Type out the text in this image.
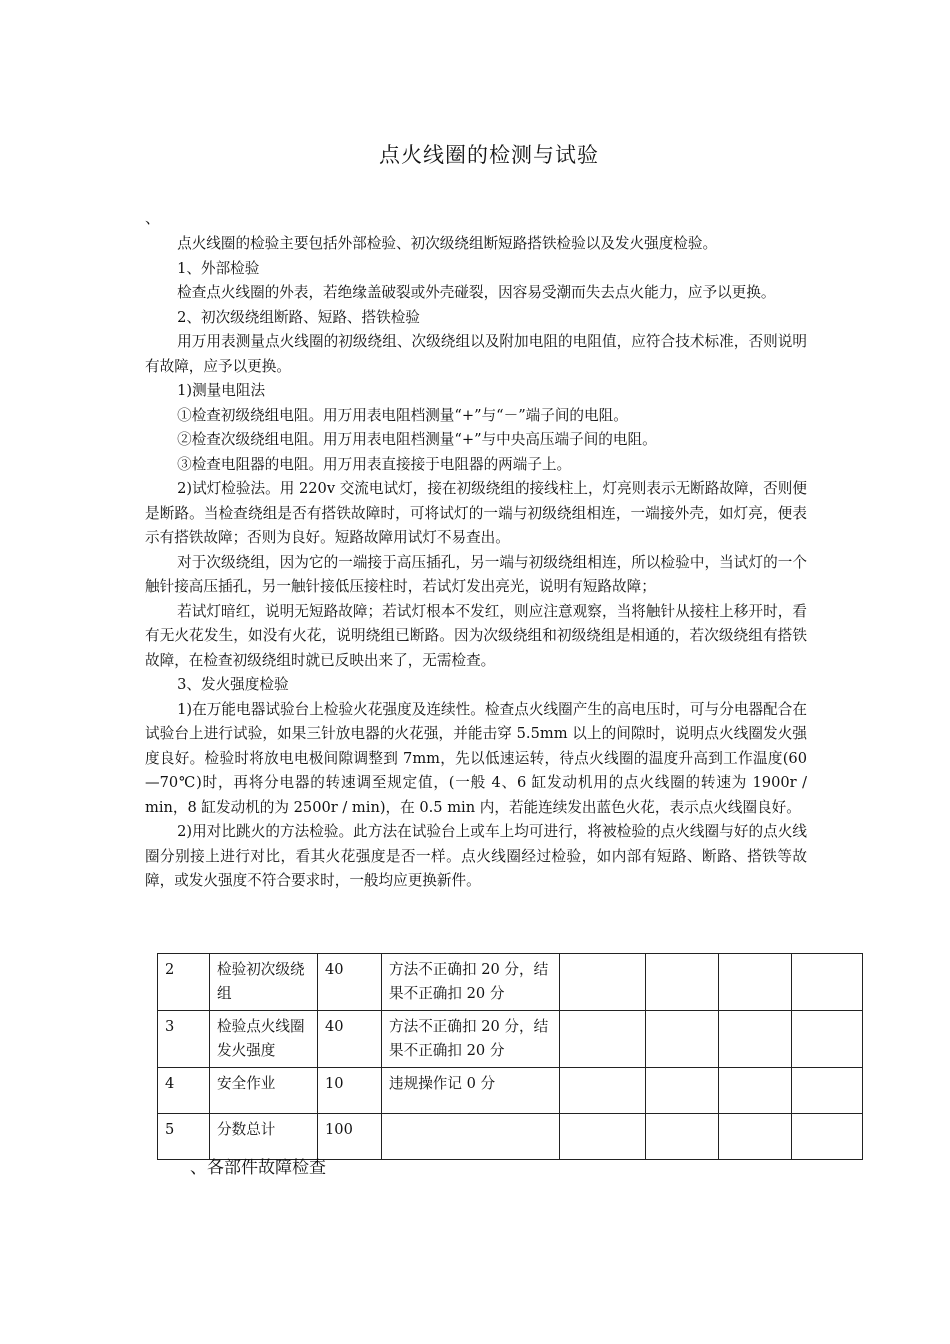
点火线圈的检测与试验
、

点火线圈的检验主要包括外部检验、初次级绕组断短路搭铁检验以及发火强度检验。

1、外部检验

检查点火线圈的外表，若绝缘盖破裂或外壳碰裂，因容易受潮而失去点火能力，应予以更换。

2、初次级绕组断路、短路、搭铁检验

用万用表测量点火线圈的初级绕组、次级绕组以及附加电阻的电阻值，应符合技术标准，否则说明有故障，应予以更换。

1)测量电阻法

①检查初级绕组电阻。用万用表电阻档测量“+”与“－”端子间的电阻。

②检查次级绕组电阻。用万用表电阻档测量“+”与中央高压端子间的电阻。

③检查电阻器的电阻。用万用表直接接于电阻器的两端子上。

2)试灯检验法。用 220v 交流电试灯，接在初级绕组的接线柱上，灯亮则表示无断路故障，否则便是断路。当检查绕组是否有搭铁故障时，可将试灯的一端与初级绕组相连，一端接外壳，如灯亮，便表示有搭铁故障；否则为良好。短路故障用试灯不易查出。

对于次级绕组，因为它的一端接于高压插孔，另一端与初级绕组相连，所以检验中，当试灯的一个触针接高压插孔，另一触针接低压接柱时，若试灯发出亮光，说明有短路故障；

若试灯暗红，说明无短路故障；若试灯根本不发红，则应注意观察，当将触针从接柱上移开时，看有无火花发生，如没有火花，说明绕组已断路。因为次级绕组和初级绕组是相通的，若次级绕组有搭铁故障，在检查初级绕组时就已反映出来了，无需检查。

3、发火强度检验

1)在万能电器试验台上检验火花强度及连续性。检查点火线圈产生的高电压时，可与分电器配合在试验台上进行试验，如果三针放电器的火花强，并能击穿 5.5mm 以上的间隙时，说明点火线圈发火强度良好。检验时将放电电极间隙调整到 7mm，先以低速运转，待点火线圈的温度升高到工作温度(60—70℃)时，再将分电器的转速调至规定值，(一般 4、6 缸发动机用的点火线圈的转速为 1900r / min，8 缸发动机的为 2500r / min)，在 0.5 min 内，若能连续发出蓝色火花，表示点火线圈良好。

2)用对比跳火的方法检验。此方法在试验台上或车上均可进行，将被检验的点火线圈与好的点火线圈分别接上进行对比，看其火花强度是否一样。点火线圈经过检验，如内部有短路、断路、搭铁等故障，或发火强度不符合要求时，一般均应更换新件。

2	检验初次级绕组	40	方法不正确扣 20 分，结果不正确扣 20 分				
3	检验点火线圈发火强度	40	方法不正确扣 20 分，结果不正确扣 20 分				
4	安全作业	10	违规操作记 0 分				
5	分数总计	100					
、各部件故障检查
